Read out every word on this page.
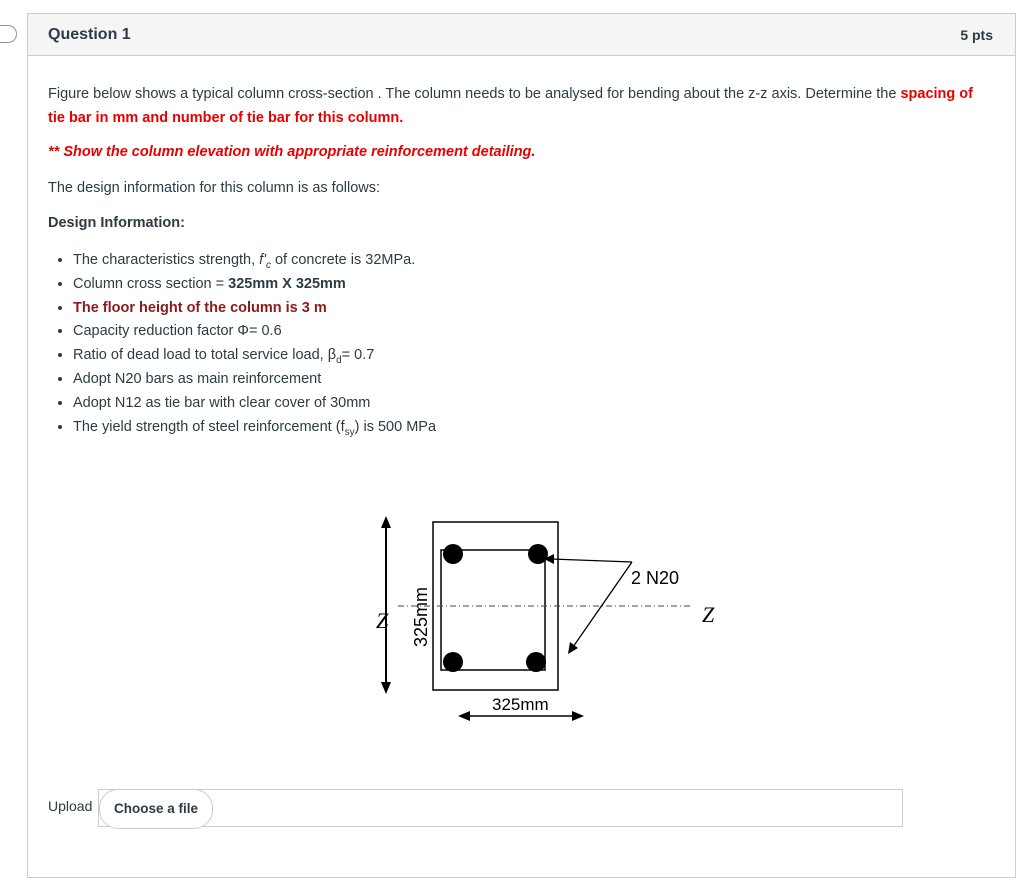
Question 1	5 pts

Figure below shows a typical column cross-section . The column needs to be analysed for bending about the z-z axis. Determine the spacing of tie bar in mm and number of tie bar for this column.

** Show the column elevation with appropriate reinforcement detailing.

The design information for this column is as follows:

Design Information:

• The characteristics strength, $f'_c$ of concrete is 32MPa.
• Column cross section = 325mm X 325mm
• The floor height of the column is 3 m
• Capacity reduction factor Φ= 0.6
• Ratio of dead load to total service load, $\beta_d= 0.7$
• Adopt N20 bars as main reinforcement
• Adopt N12 as tie bar with clear cover of 30mm
• The yield strength of steel reinforcement $(f_{sy})$ is 500 MPa
325mm
2 N20
Z	Z
325mm
Upload	Choose a file
